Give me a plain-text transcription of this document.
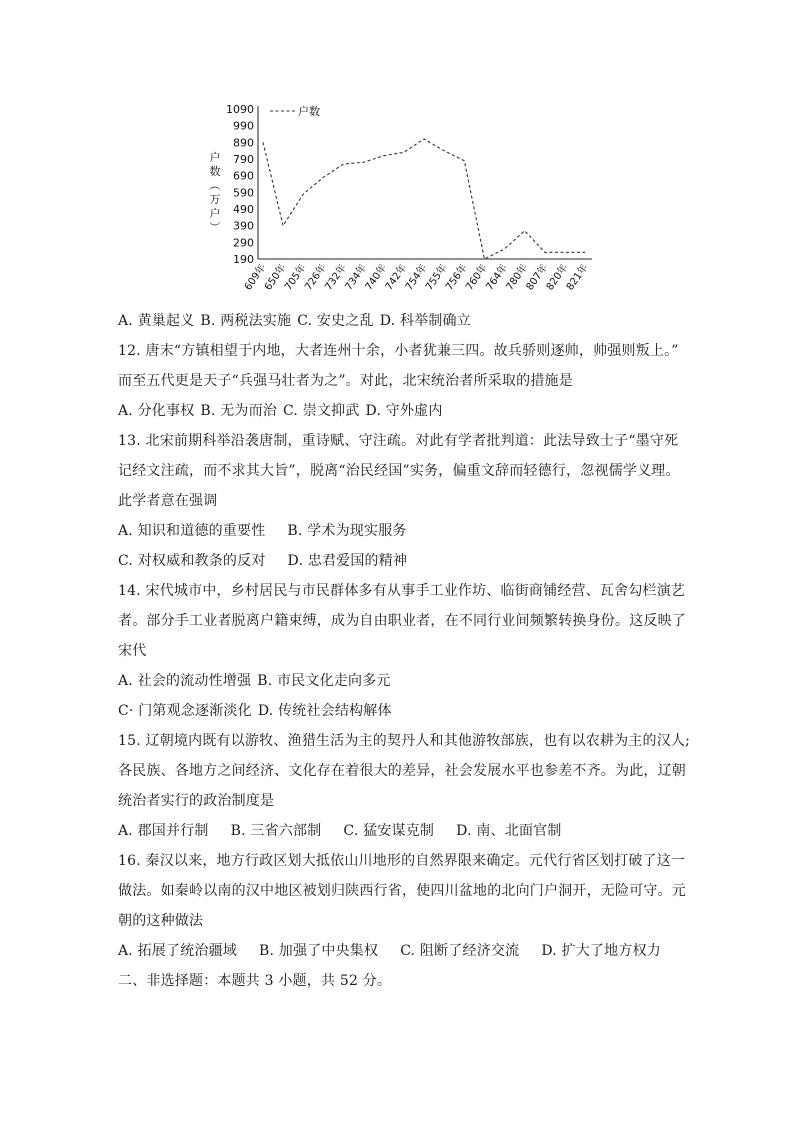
户
数
（
万
户
）
190
290
390
490
590
690
790
890
990
1090
609年
650年
705年
726年
732年
734年
740年
742年
754年
755年
756年
760年
764年
780年
807年
820年
821年
户数
A. 黄巢起义 B. 两税法实施 C. 安史之乱 D. 科举制确立
12. 唐末“方镇相望于内地，大者连州十余，小者犹兼三四。故兵骄则逐帅，帅强则叛上。”
而至五代更是天子“兵强马壮者为之”。对此，北宋统治者所采取的措施是
A. 分化事权 B. 无为而治 C. 崇文抑武 D. 守外虚内
13. 北宋前期科举沿袭唐制，重诗赋、守注疏。对此有学者批判道：此法导致士子“墨守死
记经文注疏，而不求其大旨”，脱离“治民经国”实务，偏重文辞而轻德行，忽视儒学义理。
此学者意在强调
A. 知识和道德的重要性 B. 学术为现实服务
C. 对权威和教条的反对 D. 忠君爱国的精神
14. 宋代城市中，乡村居民与市民群体多有从事手工业作坊、临街商铺经营、瓦舍勾栏演艺
者。部分手工业者脱离户籍束缚，成为自由职业者，在不同行业间频繁转换身份。这反映了
宋代
A. 社会的流动性增强 B. 市民文化走向多元
C· 门第观念逐渐淡化 D. 传统社会结构解体
15. 辽朝境内既有以游牧、渔猎生活为主的契丹人和其他游牧部族，也有以农耕为主的汉人;
各民族、各地方之间经济、文化存在着很大的差异，社会发展水平也参差不齐。为此，辽朝
统治者实行的政治制度是
A. 郡国并行制 B. 三省六部制 C. 猛安谋克制 D. 南、北面官制
16. 秦汉以来，地方行政区划大抵依山川地形的自然界限来确定。元代行省区划打破了这一
做法。如秦岭以南的汉中地区被划归陕西行省，使四川盆地的北向门户洞开，无险可守。元
朝的这种做法
A. 拓展了统治疆域 B. 加强了中央集权 C. 阻断了经济交流 D. 扩大了地方权力
二、非选择题：本题共 3 小题，共 52 分。
